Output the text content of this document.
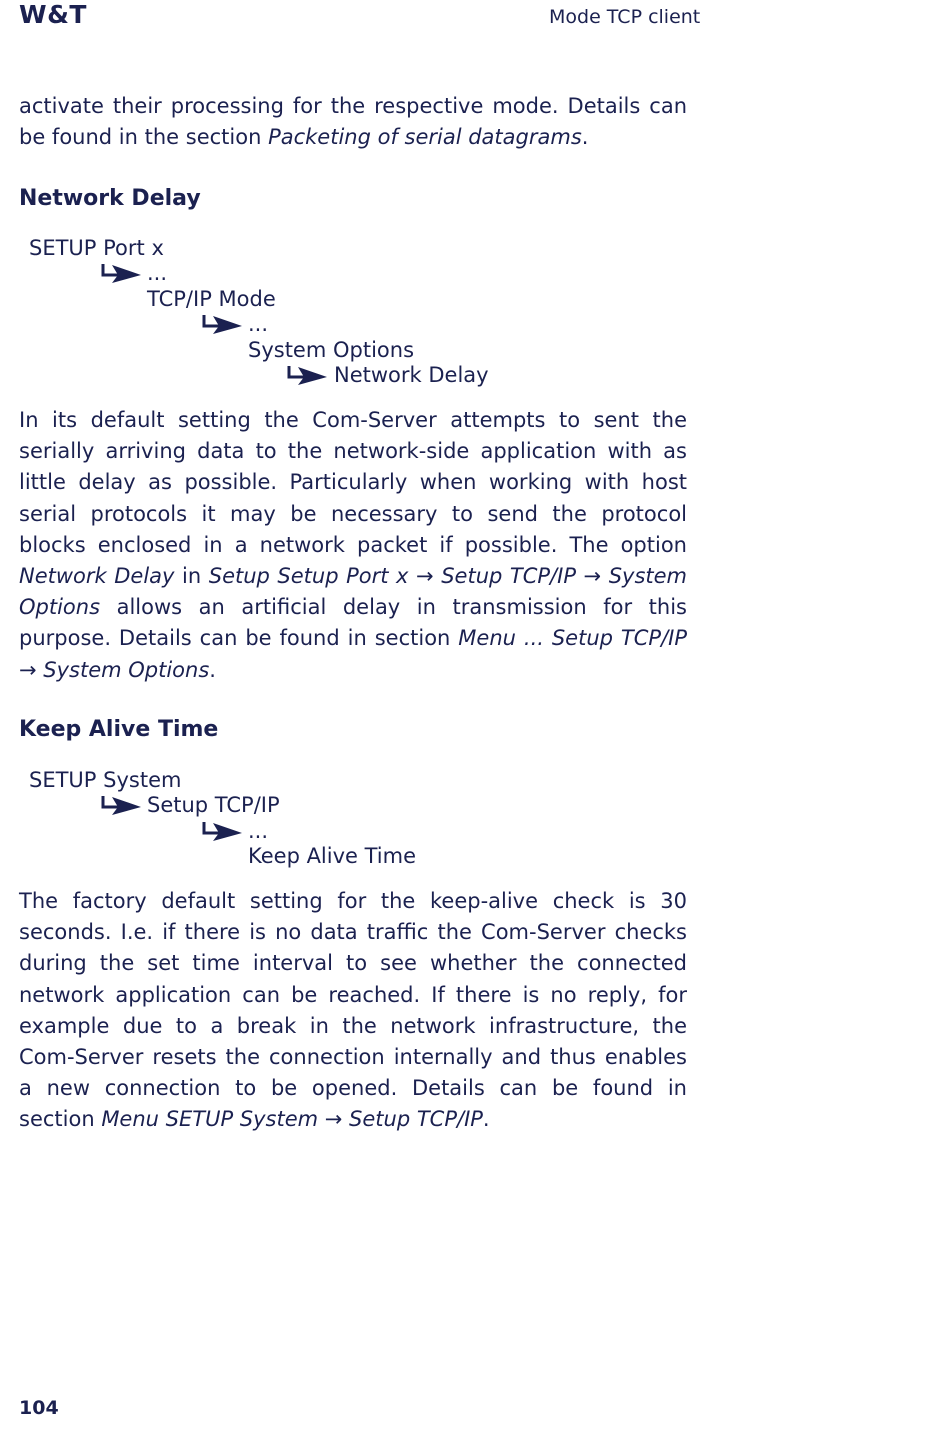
W&T	Mode TCP client

activate their processing for the respective mode. Details can be found in the section Packeting of serial datagrams.

Network Delay
SETUP Port x
...
TCP/IP Mode
...
System Options
Network Delay

In its default setting the Com-Server attempts to sent the serially arriving data to the network-side application with as little delay as possible. Particularly when working with host serial protocols it may be necessary to send the protocol blocks enclosed in a network packet if possible. The option Network Delay in Setup Setup Port x → Setup TCP/IP → System Options allows an artificial delay in transmission for this purpose. Details can be found in section Menu ... Setup TCP/IP → System Options.

Keep Alive Time
SETUP System
Setup TCP/IP
...
Keep Alive Time

The factory default setting for the keep-alive check is 30 seconds. I.e. if there is no data traffic the Com-Server checks during the set time interval to see whether the connected network application can be reached. If there is no reply, for example due to a break in the network infrastructure, the Com-Server resets the connection internally and thus enables a new connection to be opened. Details can be found in section Menu SETUP System → Setup TCP/IP.

104
